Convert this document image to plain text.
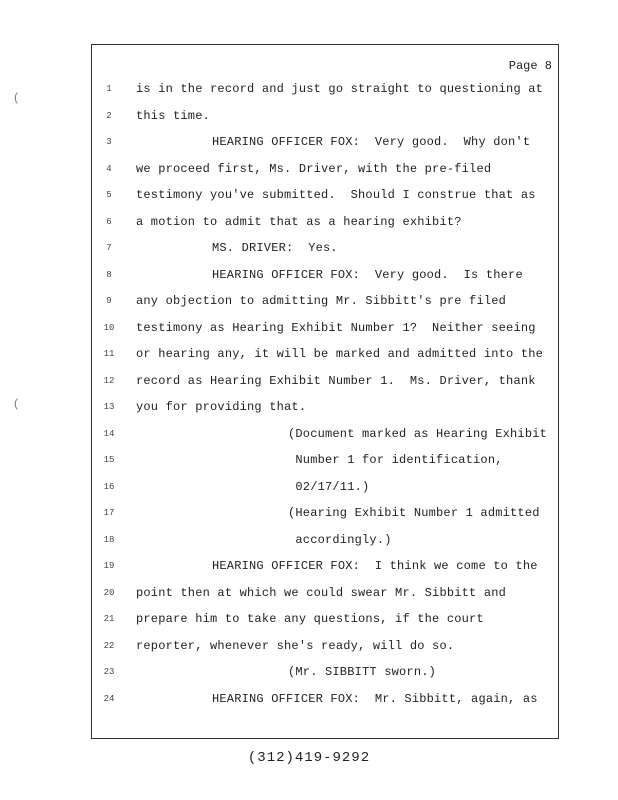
Page 8
1	is in the record and just go straight to questioning at
2	this time.
3	HEARING OFFICER FOX:  Very good.  Why don't
4	we proceed first, Ms. Driver, with the pre-filed
5	testimony you've submitted.  Should I construe that as
6	a motion to admit that as a hearing exhibit?
7	MS. DRIVER:  Yes.
8	HEARING OFFICER FOX:  Very good.  Is there
9	any objection to admitting Mr. Sibbitt's pre filed
10	testimony as Hearing Exhibit Number 1?  Neither seeing
11	or hearing any, it will be marked and admitted into the
12	record as Hearing Exhibit Number 1.  Ms. Driver, thank
13	you for providing that.
14	(Document marked as Hearing Exhibit
15	Number 1 for identification,
16	02/17/11.)
17	(Hearing Exhibit Number 1 admitted
18	accordingly.)
19	HEARING OFFICER FOX:  I think we come to the
20	point then at which we could swear Mr. Sibbitt and
21	prepare him to take any questions, if the court
22	reporter, whenever she's ready, will do so.
23	(Mr. SIBBITT sworn.)
24	HEARING OFFICER FOX:  Mr. Sibbitt, again, as
(
(
(312)419-9292
